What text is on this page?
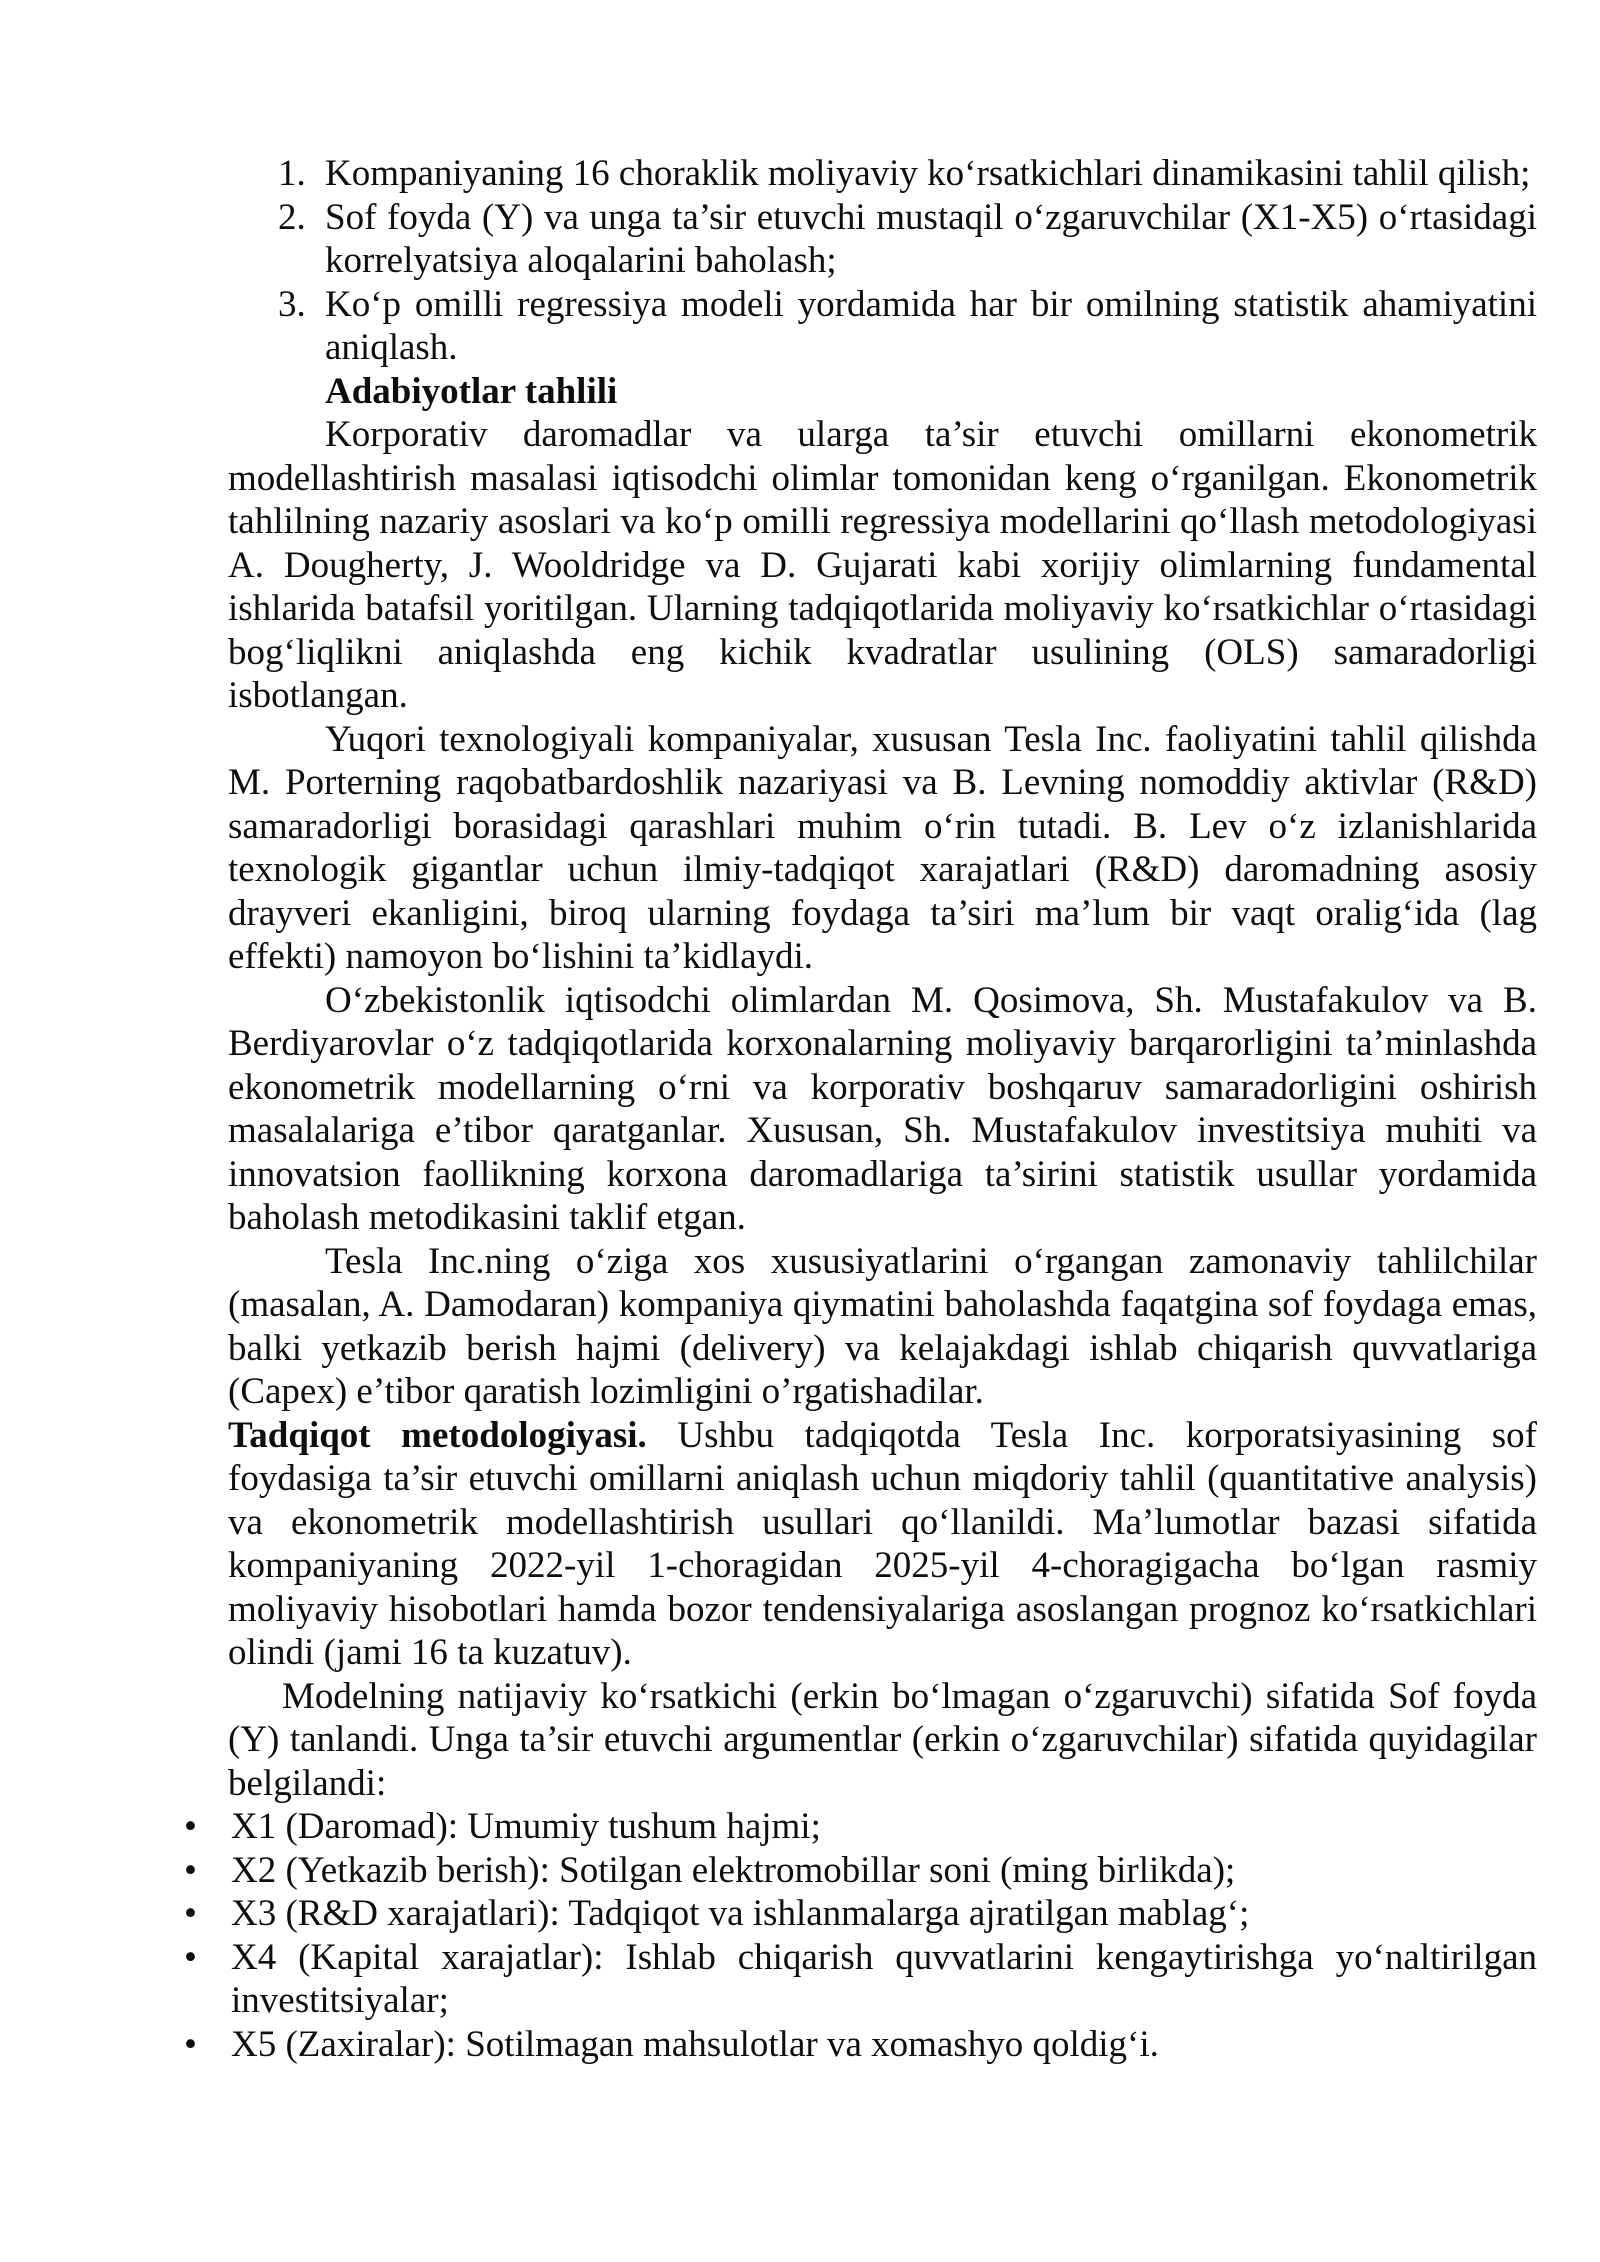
1. Kompaniyaning 16 choraklik moliyaviy koʻrsatkichlari dinamikasini tahlil qilish;
2. Sof foyda (Y) va unga ta’sir etuvchi mustaqil oʻzgaruvchilar (X1-X5) oʻrtasidagi korrelyatsiya aloqalarini baholash;
3. Koʻp omilli regressiya modeli yordamida har bir omilning statistik ahamiyatini aniqlash.
Adabiyotlar tahlili
Korporativ daromadlar va ularga ta’sir etuvchi omillarni ekonometrik modellashtirish masalasi iqtisodchi olimlar tomonidan keng oʻrganilgan. Ekonometrik tahlilning nazariy asoslari va koʻp omilli regressiya modellarini qoʻllash metodologiyasi A. Dougherty, J. Wooldridge va D. Gujarati kabi xorijiy olimlarning fundamental ishlarida batafsil yoritilgan. Ularning tadqiqotlarida moliyaviy koʻrsatkichlar oʻrtasidagi bogʻliqlikni aniqlashda eng kichik kvadratlar usulining (OLS) samaradorligi isbotlangan.
Yuqori texnologiyali kompaniyalar, xususan Tesla Inc. faoliyatini tahlil qilishda M. Porterning raqobatbardoshlik nazariyasi va B. Levning nomoddiy aktivlar (R&D) samaradorligi borasidagi qarashlari muhim oʻrin tutadi. B. Lev oʻz izlanishlarida texnologik gigantlar uchun ilmiy-tadqiqot xarajatlari (R&D) daromadning asosiy drayveri ekanligini, biroq ularning foydaga ta’siri ma’lum bir vaqt oraligʻida (lag effekti) namoyon boʻlishini ta’kidlaydi.
Oʻzbekistonlik iqtisodchi olimlardan M. Qosimova, Sh. Mustafakulov va B. Berdiyarovlar oʻz tadqiqotlarida korxonalarning moliyaviy barqarorligini ta’minlashda ekonometrik modellarning oʻrni va korporativ boshqaruv samaradorligini oshirish masalalariga e’tibor qaratganlar. Xususan, Sh. Mustafakulov investitsiya muhiti va innovatsion faollikning korxona daromadlariga ta’sirini statistik usullar yordamida baholash metodikasini taklif etgan.
Tesla Inc.ning oʻziga xos xususiyatlarini oʻrgangan zamonaviy tahlilchilar (masalan, A. Damodaran) kompaniya qiymatini baholashda faqatgina sof foydaga emas, balki yetkazib berish hajmi (delivery) va kelajakdagi ishlab chiqarish quvvatlariga (Capex) e’tibor qaratish lozimligini o’rgatishadilar.
Tadqiqot metodologiyasi. Ushbu tadqiqotda Tesla Inc. korporatsiyasining sof foydasiga ta’sir etuvchi omillarni aniqlash uchun miqdoriy tahlil (quantitative analysis) va ekonometrik modellashtirish usullari qoʻllanildi. Ma’lumotlar bazasi sifatida kompaniyaning 2022-yil 1-choragidan 2025-yil 4-choragigacha boʻlgan rasmiy moliyaviy hisobotlari hamda bozor tendensiyalariga asoslangan prognoz koʻrsatkichlari olindi (jami 16 ta kuzatuv).
Modelning natijaviy koʻrsatkichi (erkin boʻlmagan oʻzgaruvchi) sifatida Sof foyda (Y) tanlandi. Unga ta’sir etuvchi argumentlar (erkin oʻzgaruvchilar) sifatida quyidagilar belgilandi:
• X1 (Daromad): Umumiy tushum hajmi;
• X2 (Yetkazib berish): Sotilgan elektromobillar soni (ming birlikda);
• X3 (R&D xarajatlari): Tadqiqot va ishlanmalarga ajratilgan mablagʻ;
• X4 (Kapital xarajatlar): Ishlab chiqarish quvvatlarini kengaytirishga yoʻnaltirilgan investitsiyalar;
• X5 (Zaxiralar): Sotilmagan mahsulotlar va xomashyo qoldigʻi.
